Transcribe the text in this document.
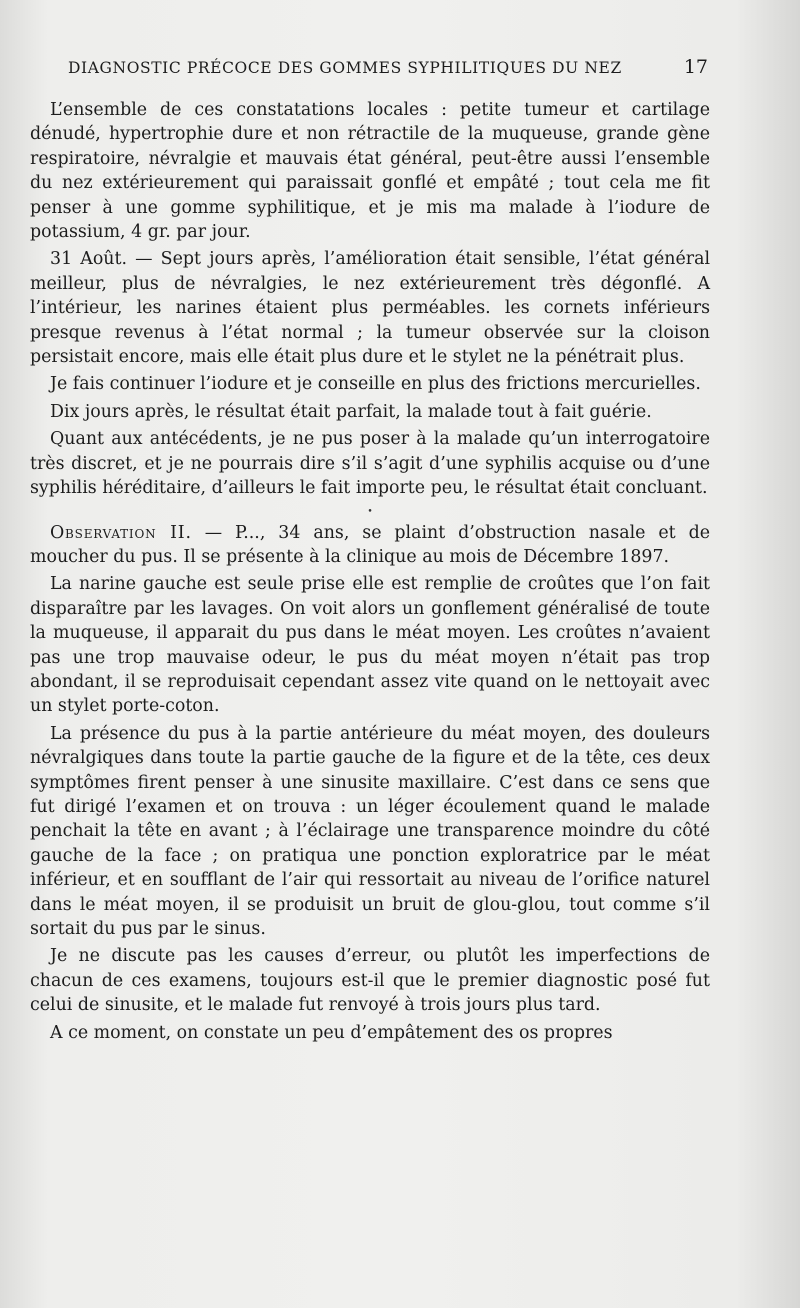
DIAGNOSTIC PRÉCOCE DES GOMMES SYPHILITIQUES DU NEZ	17

L’ensemble de ces constatations locales : petite tumeur et cartilage dénudé, hypertrophie dure et non rétractile de la muqueuse, grande gène respiratoire, névralgie et mauvais état général, peut-être aussi l’ensemble du nez extérieurement qui paraissait gonflé et empâté ; tout cela me fit penser à une gomme syphilitique, et je mis ma malade à l’iodure de potassium, 4 gr. par jour.

31 Août. — Sept jours après, l’amélioration était sensible, l’état général meilleur, plus de névralgies, le nez extérieurement très dégonflé. A l’intérieur, les narines étaient plus perméables. les cornets inférieurs presque revenus à l’état normal ; la tumeur observée sur la cloison persistait encore, mais elle était plus dure et le stylet ne la pénétrait plus.

Je fais continuer l’iodure et je conseille en plus des frictions mercurielles.

Dix jours après, le résultat était parfait, la malade tout à fait guérie.

Quant aux antécédents, je ne pus poser à la malade qu’un interrogatoire très discret, et je ne pourrais dire s’il s’agit d’une syphilis acquise ou d’une syphilis héréditaire, d’ailleurs le fait importe peu, le résultat était concluant.

•

Observation II. — P..., 34 ans, se plaint d’obstruction nasale et de moucher du pus. Il se présente à la clinique au mois de Décembre 1897.

La narine gauche est seule prise elle est remplie de croûtes que l’on fait disparaître par les lavages. On voit alors un gonflement généralisé de toute la muqueuse, il apparait du pus dans le méat moyen. Les croûtes n’avaient pas une trop mauvaise odeur, le pus du méat moyen n’était pas trop abondant, il se reproduisait cependant assez vite quand on le nettoyait avec un stylet porte-coton.

La présence du pus à la partie antérieure du méat moyen, des douleurs névralgiques dans toute la partie gauche de la figure et de la tête, ces deux symptômes firent penser à une sinusite maxillaire. C’est dans ce sens que fut dirigé l’examen et on trouva : un léger écoulement quand le malade penchait la tête en avant ; à l’éclairage une transparence moindre du côté gauche de la face ; on pratiqua une ponction exploratrice par le méat inférieur, et en soufflant de l’air qui ressortait au niveau de l’orifice naturel dans le méat moyen, il se produisit un bruit de glou-glou, tout comme s’il sortait du pus par le sinus.

Je ne discute pas les causes d’erreur, ou plutôt les imperfections de chacun de ces examens, toujours est-il que le premier diagnostic posé fut celui de sinusite, et le malade fut renvoyé à trois jours plus tard.

A ce moment, on constate un peu d’empâtement des os propres
